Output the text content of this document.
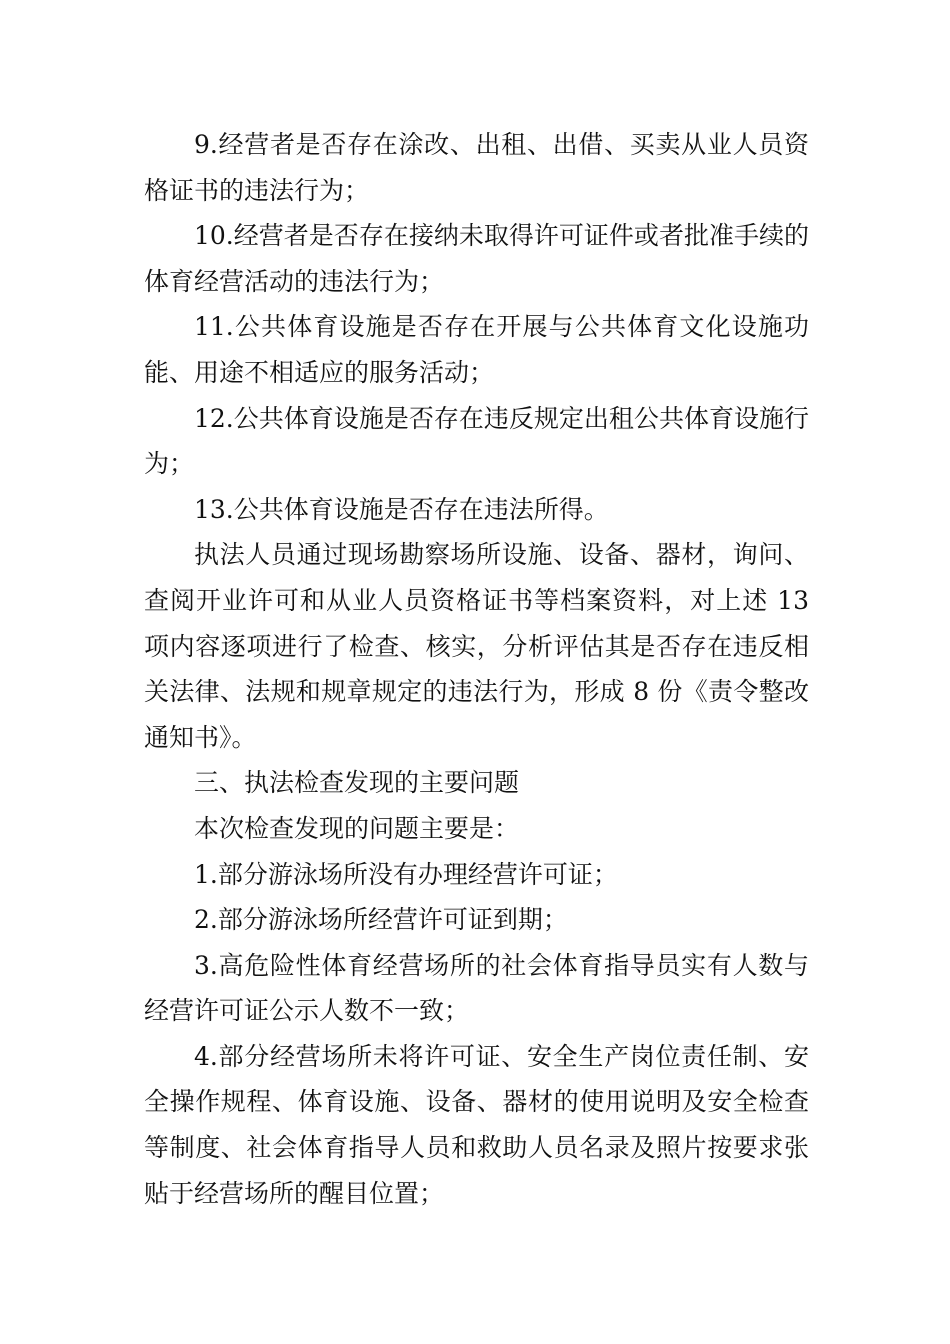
9.经营者是否存在涂改、出租、出借、买卖从业人员资格证书的违法行为；

10.经营者是否存在接纳未取得许可证件或者批准手续的体育经营活动的违法行为；

11.公共体育设施是否存在开展与公共体育文化设施功能、用途不相适应的服务活动；

12.公共体育设施是否存在违反规定出租公共体育设施行为；

13.公共体育设施是否存在违法所得。

执法人员通过现场勘察场所设施、设备、器材，询问、查阅开业许可和从业人员资格证书等档案资料，对上述 13 项内容逐项进行了检查、核实，分析评估其是否存在违反相关法律、法规和规章规定的违法行为，形成 8 份《责令整改通知书》。

三、执法检查发现的主要问题

本次检查发现的问题主要是：

1.部分游泳场所没有办理经营许可证；

2.部分游泳场所经营许可证到期；

3.高危险性体育经营场所的社会体育指导员实有人数与经营许可证公示人数不一致；

4.部分经营场所未将许可证、安全生产岗位责任制、安全操作规程、体育设施、设备、器材的使用说明及安全检查等制度、社会体育指导人员和救助人员名录及照片按要求张贴于经营场所的醒目位置；
